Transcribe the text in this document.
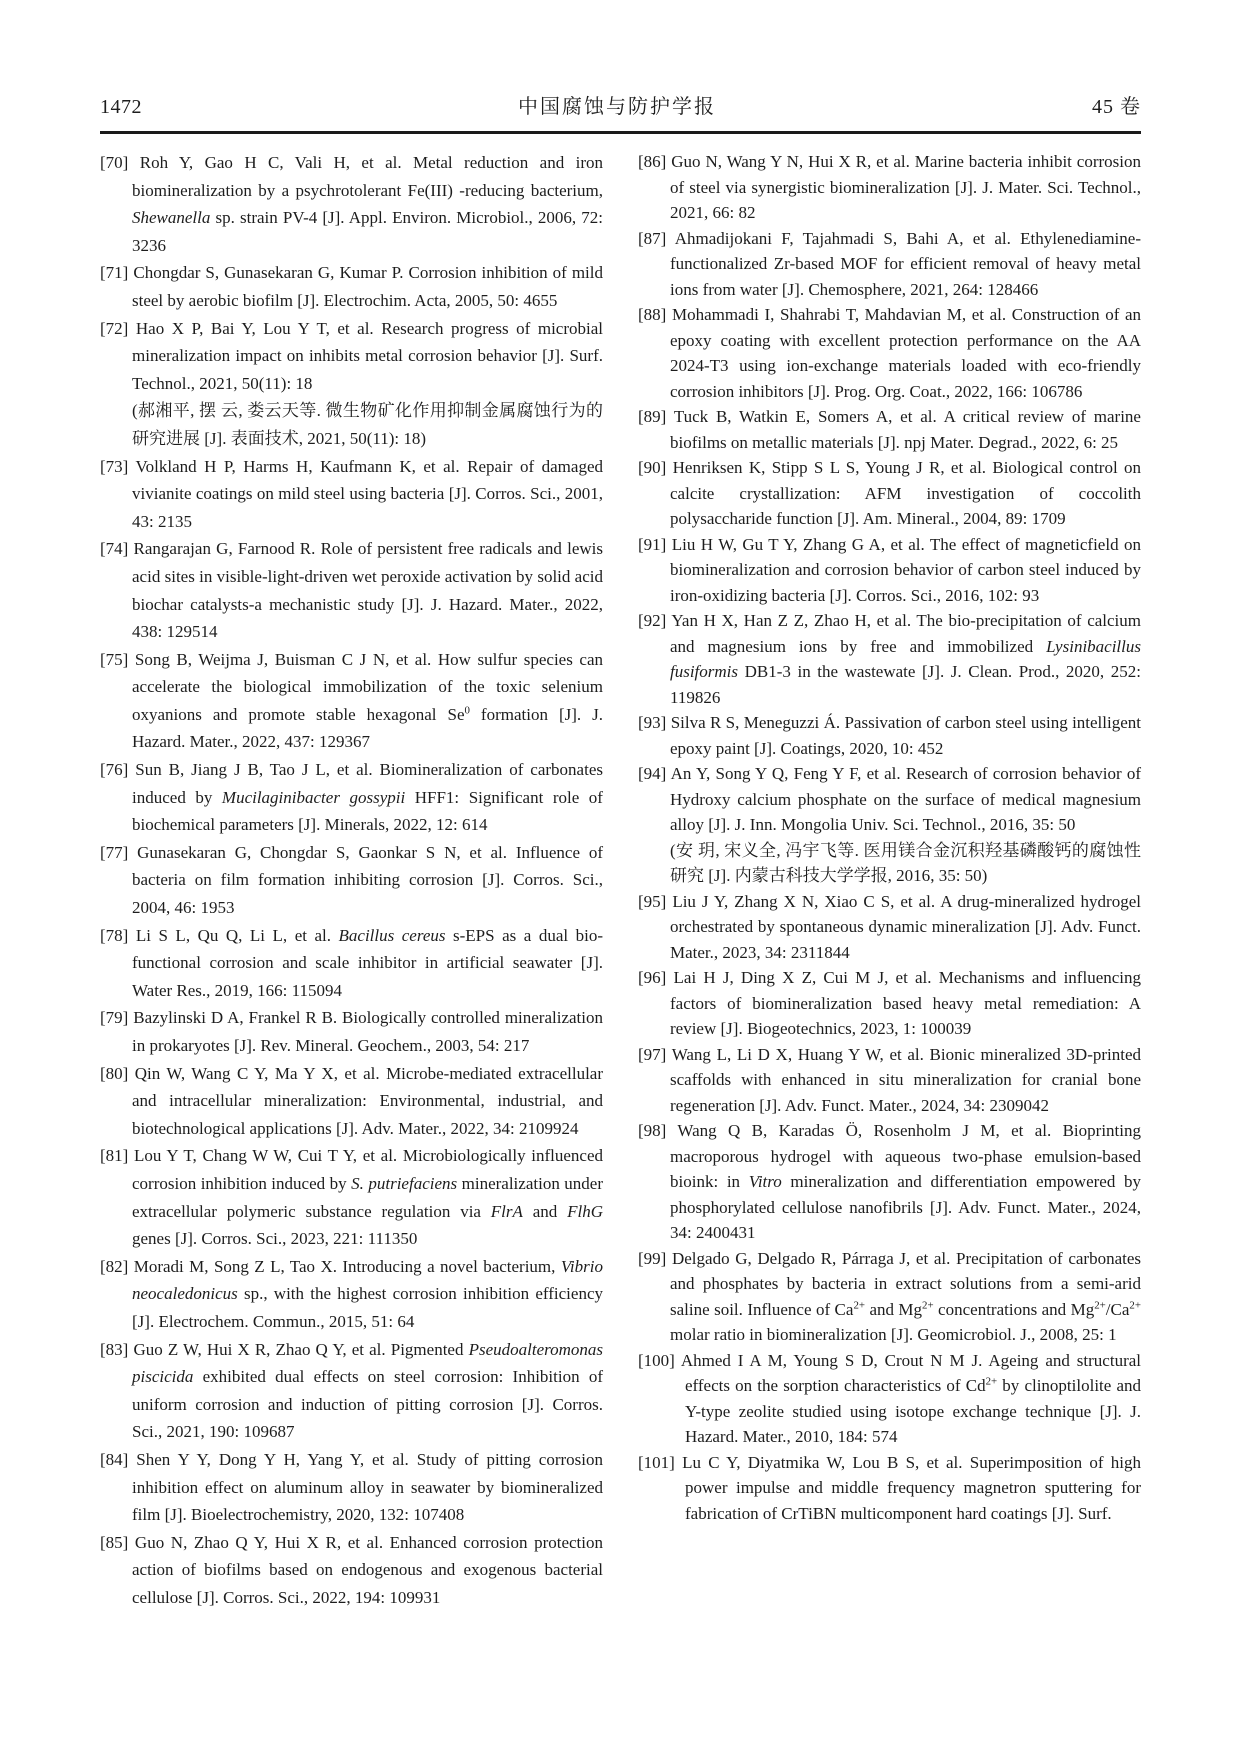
1472	中国腐蚀与防护学报	45 卷
[70] Roh Y, Gao H C, Vali H, et al. Metal reduction and iron biomineralization by a psychrotolerant Fe(III) -reducing bacterium, Shewanella sp. strain PV-4 [J]. Appl. Environ. Microbiol., 2006, 72: 3236
[71] Chongdar S, Gunasekaran G, Kumar P. Corrosion inhibition of mild steel by aerobic biofilm [J]. Electrochim. Acta, 2005, 50: 4655
[72] Hao X P, Bai Y, Lou Y T, et al. Research progress of microbial mineralization impact on inhibits metal corrosion behavior [J]. Surf. Technol., 2021, 50(11): 18
(郝湘平, 摆 云, 娄云天等. 微生物矿化作用抑制金属腐蚀行为的研究进展 [J]. 表面技术, 2021, 50(11): 18)
[73] Volkland H P, Harms H, Kaufmann K, et al. Repair of damaged vivianite coatings on mild steel using bacteria [J]. Corros. Sci., 2001, 43: 2135
[74] Rangarajan G, Farnood R. Role of persistent free radicals and lewis acid sites in visible-light-driven wet peroxide activation by solid acid biochar catalysts-a mechanistic study [J]. J. Hazard. Mater., 2022, 438: 129514
[75] Song B, Weijma J, Buisman C J N, et al. How sulfur species can accelerate the biological immobilization of the toxic selenium oxyanions and promote stable hexagonal Se$^0$ formation [J]. J. Hazard. Mater., 2022, 437: 129367
[76] Sun B, Jiang J B, Tao J L, et al. Biomineralization of carbonates induced by Mucilaginibacter gossypii HFF1: Significant role of biochemical parameters [J]. Minerals, 2022, 12: 614
[77] Gunasekaran G, Chongdar S, Gaonkar S N, et al. Influence of bacteria on film formation inhibiting corrosion [J]. Corros. Sci., 2004, 46: 1953
[78] Li S L, Qu Q, Li L, et al. Bacillus cereus s-EPS as a dual bio-functional corrosion and scale inhibitor in artificial seawater [J]. Water Res., 2019, 166: 115094
[79] Bazylinski D A, Frankel R B. Biologically controlled mineralization in prokaryotes [J]. Rev. Mineral. Geochem., 2003, 54: 217
[80] Qin W, Wang C Y, Ma Y X, et al. Microbe-mediated extracellular and intracellular mineralization: Environmental, industrial, and biotechnological applications [J]. Adv. Mater., 2022, 34: 2109924
[81] Lou Y T, Chang W W, Cui T Y, et al. Microbiologically influenced corrosion inhibition induced by S. putriefaciens mineralization under extracellular polymeric substance regulation via FlrA and FlhG genes [J]. Corros. Sci., 2023, 221: 111350
[82] Moradi M, Song Z L, Tao X. Introducing a novel bacterium, Vibrio neocaledonicus sp., with the highest corrosion inhibition efficiency [J]. Electrochem. Commun., 2015, 51: 64
[83] Guo Z W, Hui X R, Zhao Q Y, et al. Pigmented Pseudoalteromonas piscicida exhibited dual effects on steel corrosion: Inhibition of uniform corrosion and induction of pitting corrosion [J]. Corros. Sci., 2021, 190: 109687
[84] Shen Y Y, Dong Y H, Yang Y, et al. Study of pitting corrosion inhibition effect on aluminum alloy in seawater by biomineralized film [J]. Bioelectrochemistry, 2020, 132: 107408
[85] Guo N, Zhao Q Y, Hui X R, et al. Enhanced corrosion protection action of biofilms based on endogenous and exogenous bacterial cellulose [J]. Corros. Sci., 2022, 194: 109931
[86] Guo N, Wang Y N, Hui X R, et al. Marine bacteria inhibit corrosion of steel via synergistic biomineralization [J]. J. Mater. Sci. Technol., 2021, 66: 82
[87] Ahmadijokani F, Tajahmadi S, Bahi A, et al. Ethylenediamine-functionalized Zr-based MOF for efficient removal of heavy metal ions from water [J]. Chemosphere, 2021, 264: 128466
[88] Mohammadi I, Shahrabi T, Mahdavian M, et al. Construction of an epoxy coating with excellent protection performance on the AA 2024-T3 using ion-exchange materials loaded with eco-friendly corrosion inhibitors [J]. Prog. Org. Coat., 2022, 166: 106786
[89] Tuck B, Watkin E, Somers A, et al. A critical review of marine biofilms on metallic materials [J]. npj Mater. Degrad., 2022, 6: 25
[90] Henriksen K, Stipp S L S, Young J R, et al. Biological control on calcite crystallization: AFM investigation of coccolith polysaccharide function [J]. Am. Mineral., 2004, 89: 1709
[91] Liu H W, Gu T Y, Zhang G A, et al. The effect of magneticfield on biomineralization and corrosion behavior of carbon steel induced by iron-oxidizing bacteria [J]. Corros. Sci., 2016, 102: 93
[92] Yan H X, Han Z Z, Zhao H, et al. The bio-precipitation of calcium and magnesium ions by free and immobilized Lysinibacillus fusiformis DB1-3 in the wastewate [J]. J. Clean. Prod., 2020, 252: 119826
[93] Silva R S, Meneguzzi Á. Passivation of carbon steel using intelligent epoxy paint [J]. Coatings, 2020, 10: 452
[94] An Y, Song Y Q, Feng Y F, et al. Research of corrosion behavior of Hydroxy calcium phosphate on the surface of medical magnesium alloy [J]. J. Inn. Mongolia Univ. Sci. Technol., 2016, 35: 50
(安 玥, 宋义全, 冯宇飞等. 医用镁合金沉积羟基磷酸钙的腐蚀性研究 [J]. 内蒙古科技大学学报, 2016, 35: 50)
[95] Liu J Y, Zhang X N, Xiao C S, et al. A drug-mineralized hydrogel orchestrated by spontaneous dynamic mineralization [J]. Adv. Funct. Mater., 2023, 34: 2311844
[96] Lai H J, Ding X Z, Cui M J, et al. Mechanisms and influencing factors of biomineralization based heavy metal remediation: A review [J]. Biogeotechnics, 2023, 1: 100039
[97] Wang L, Li D X, Huang Y W, et al. Bionic mineralized 3D-printed scaffolds with enhanced in situ mineralization for cranial bone regeneration [J]. Adv. Funct. Mater., 2024, 34: 2309042
[98] Wang Q B, Karadas Ö, Rosenholm J M, et al. Bioprinting macroporous hydrogel with aqueous two-phase emulsion-based bioink: in Vitro mineralization and differentiation empowered by phosphorylated cellulose nanofibrils [J]. Adv. Funct. Mater., 2024, 34: 2400431
[99] Delgado G, Delgado R, Párraga J, et al. Precipitation of carbonates and phosphates by bacteria in extract solutions from a semi-arid saline soil. Influence of $Ca^{2+}$ and $Mg^{2+}$ concentrations and $Mg^{2+}/Ca^{2+}$ molar ratio in biomineralization [J]. Geomicrobiol. J., 2008, 25: 1
[100] Ahmed I A M, Young S D, Crout N M J. Ageing and structural effects on the sorption characteristics of $Cd^{2+}$ by clinoptilolite and Y-type zeolite studied using isotope exchange technique [J]. J. Hazard. Mater., 2010, 184: 574
[101] Lu C Y, Diyatmika W, Lou B S, et al. Superimposition of high power impulse and middle frequency magnetron sputtering for fabrication of CrTiBN multicomponent hard coatings [J]. Surf.
